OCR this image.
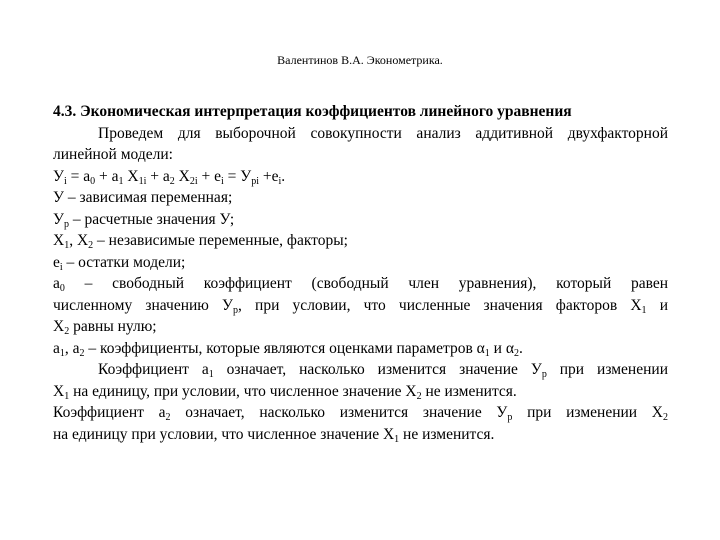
Валентинов В.А. Эконометрика.
4.3. Экономическая интерпретация коэффициентов линейного уравнения
Проведем для выборочной совокупности анализ аддитивной двухфакторной
линейной модели:
$У_i = a_0 + a_1$ $X_{1i} + a_2$ $X_{2i} + e_i = У_{pi} +e_i$.
У – зависимая переменная;
$У_p$ – расчетные значения У;
$X_1$, $X_2$ – независимые переменные, факторы;
$e_i$ – остатки модели;
$a_0$ – свободный коэффициент (свободный член уравнения), который равен
численному значению $У_p$, при условии, что численные значения факторов $X_1$ и
$X_2$ равны нулю;
$a_1$, $a_2$ – коэффициенты, которые являются оценками параметров $\alpha_1$ и $\alpha_2$.
Коэффициент $a_1$ означает, насколько изменится значение $У_p$ при изменении
$X_1$ на единицу, при условии, что численное значение $X_2$ не изменится.
Коэффициент $a_2$ означает, насколько изменится значение $У_p$ при изменении $X_2$
на единицу при условии, что численное значение $X_1$ не изменится.
